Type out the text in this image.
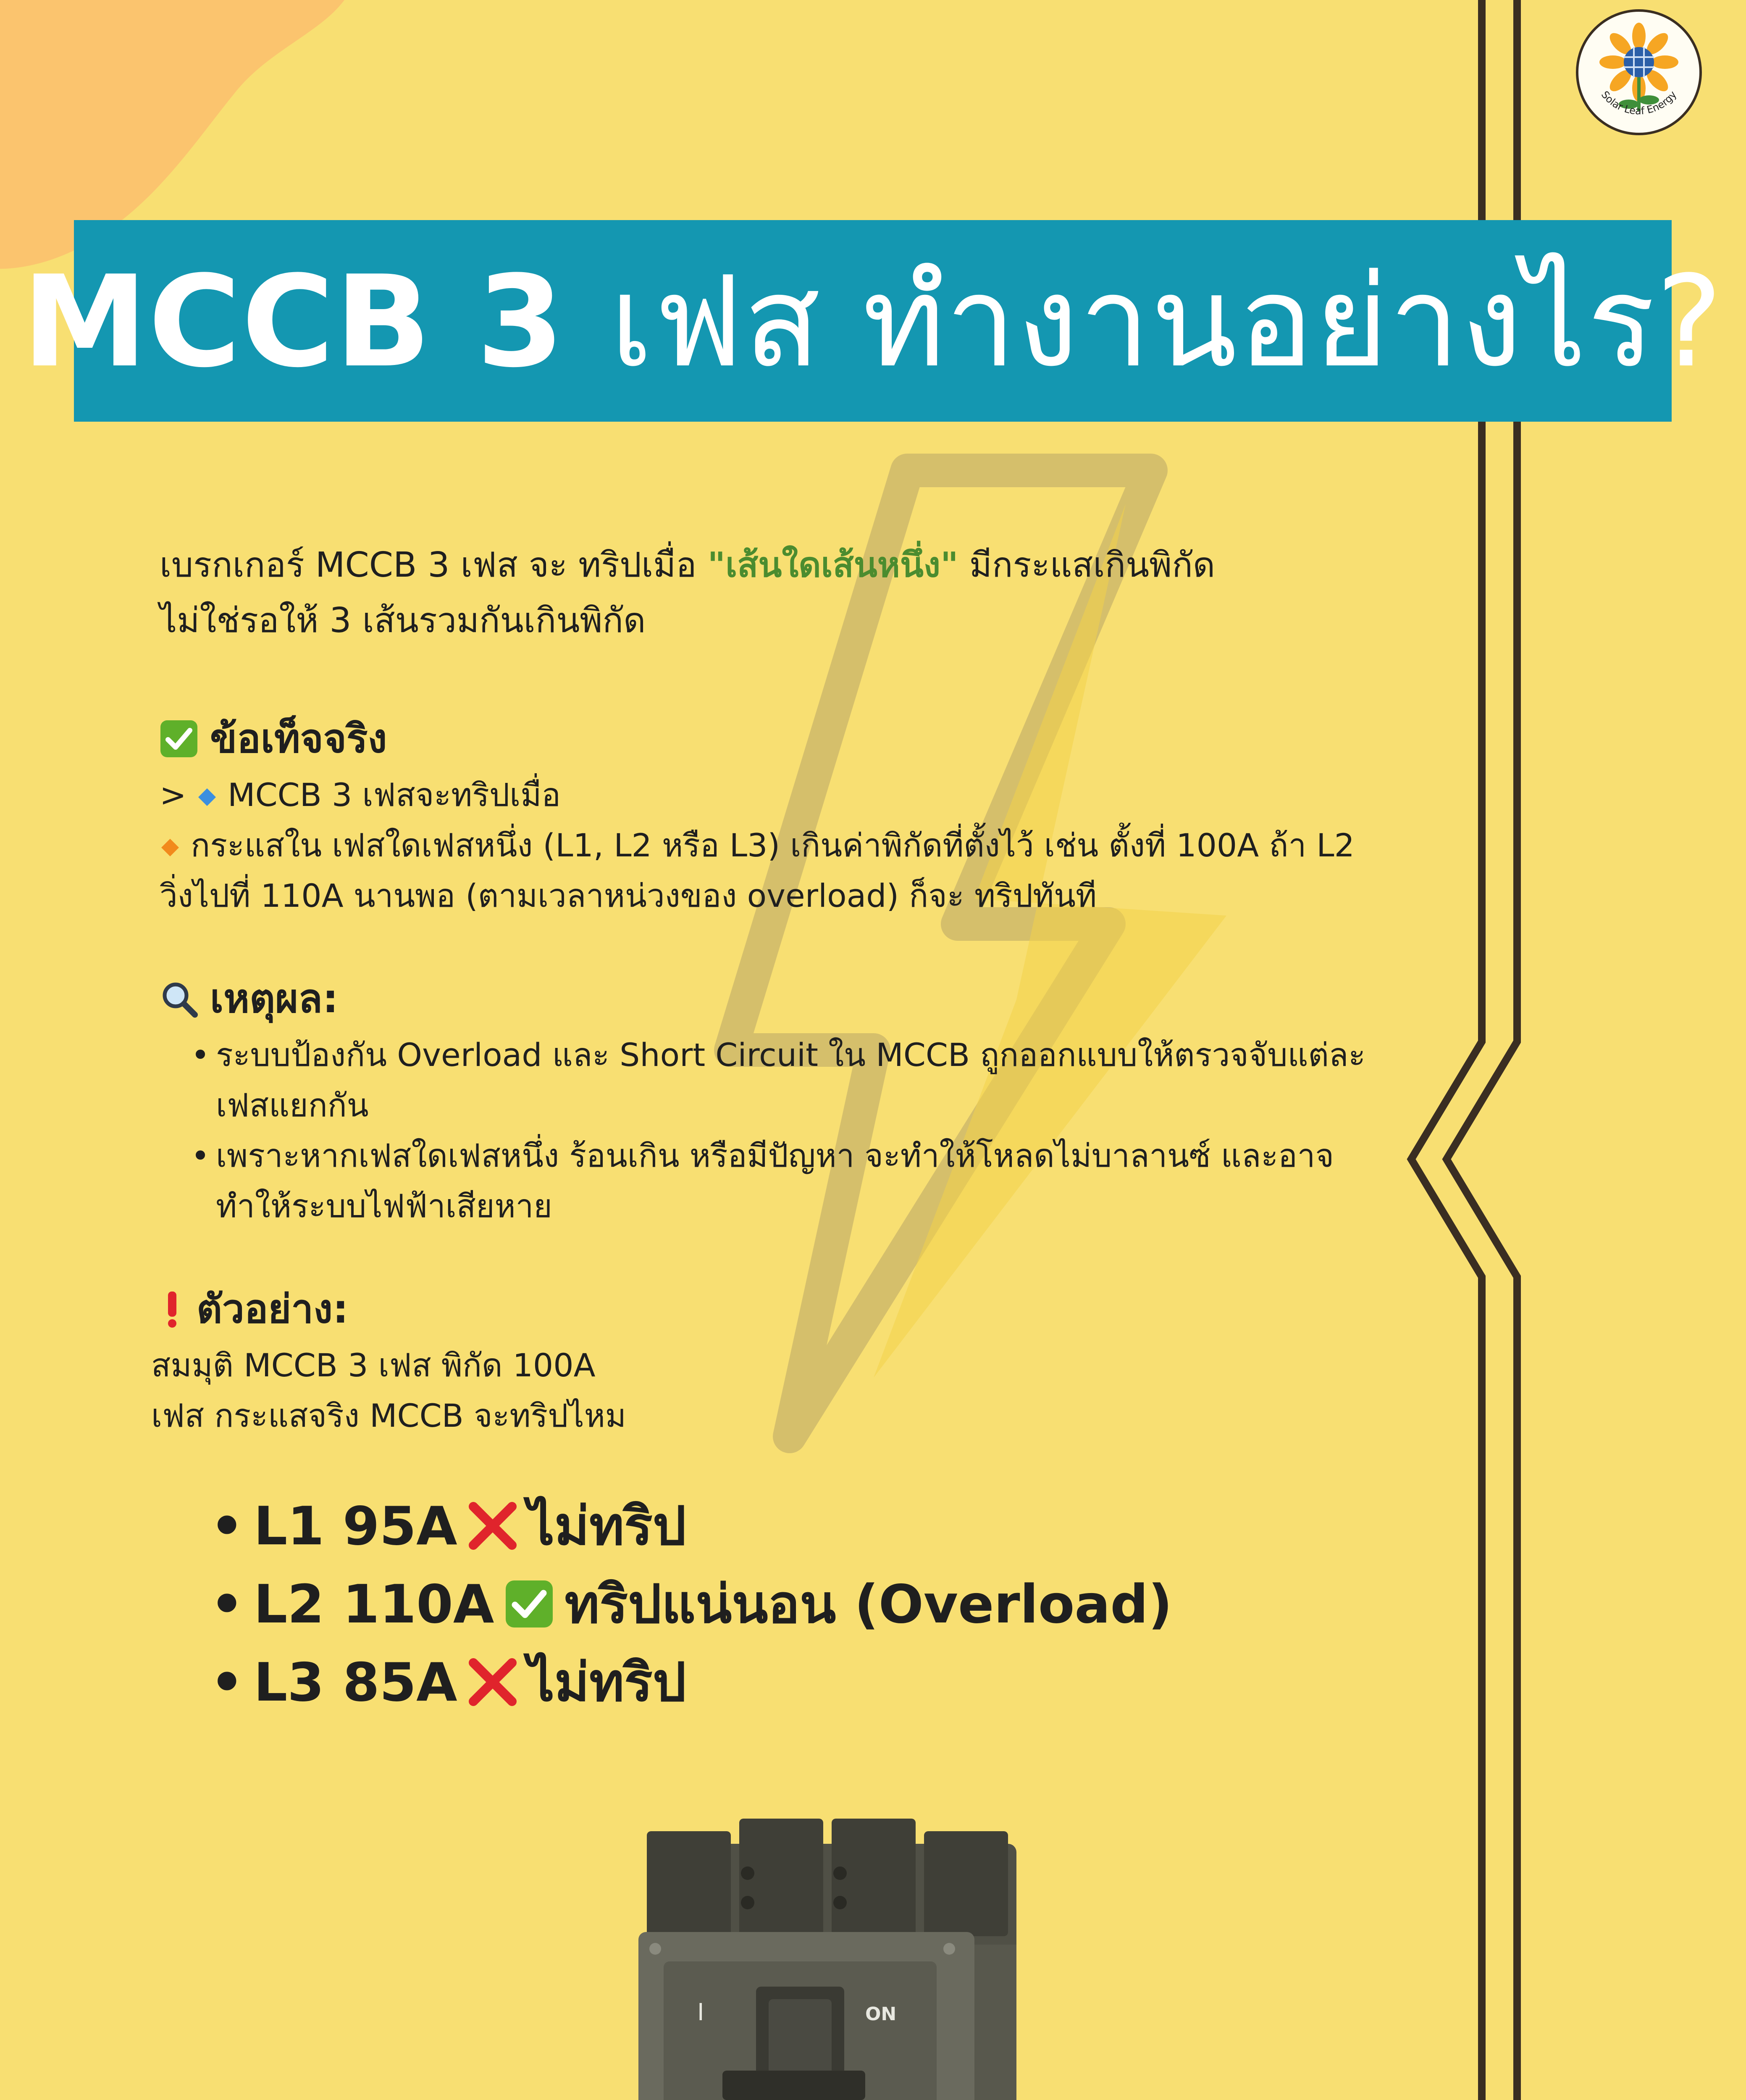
Solar Leaf Energy
MCCB 3 เฟส ทำงานอย่างไร?

เบรกเกอร์ MCCB 3 เฟส จะ ทริปเมื่อ "เส้นใดเส้นหนึ่ง" มีกระแสเกินพิกัด

ไม่ใช่รอให้ 3 เส้นรวมกันเกินพิกัด

ข้อเท็จจริง

> MCCB 3 เฟสจะทริปเมื่อ

กระแสใน เฟสใดเฟสหนึ่ง (L1, L2 หรือ L3) เกินค่าพิกัดที่ตั้งไว้ เช่น ตั้งที่ 100A ถ้า L2

วิ่งไปที่ 110A นานพอ (ตามเวลาหน่วงของ overload) ก็จะ ทริปทันที

เหตุผล:

• ระบบป้องกัน Overload และ Short Circuit ใน MCCB ถูกออกแบบให้ตรวจจับแต่ละ

เฟสแยกกัน

• เพราะหากเฟสใดเฟสหนึ่ง ร้อนเกิน หรือมีปัญหา จะทำให้โหลดไม่บาลานซ์ และอาจ

ทำให้ระบบไฟฟ้าเสียหาย

ตัวอย่าง:

สมมุติ MCCB 3 เฟส พิกัด 100A

เฟส กระแสจริง MCCB จะทริปไหม

• L1 95A ไม่ทริป
• L2 110A ทริปแน่นอน (Overload)
• L3 85A ไม่ทริป
I	ON
